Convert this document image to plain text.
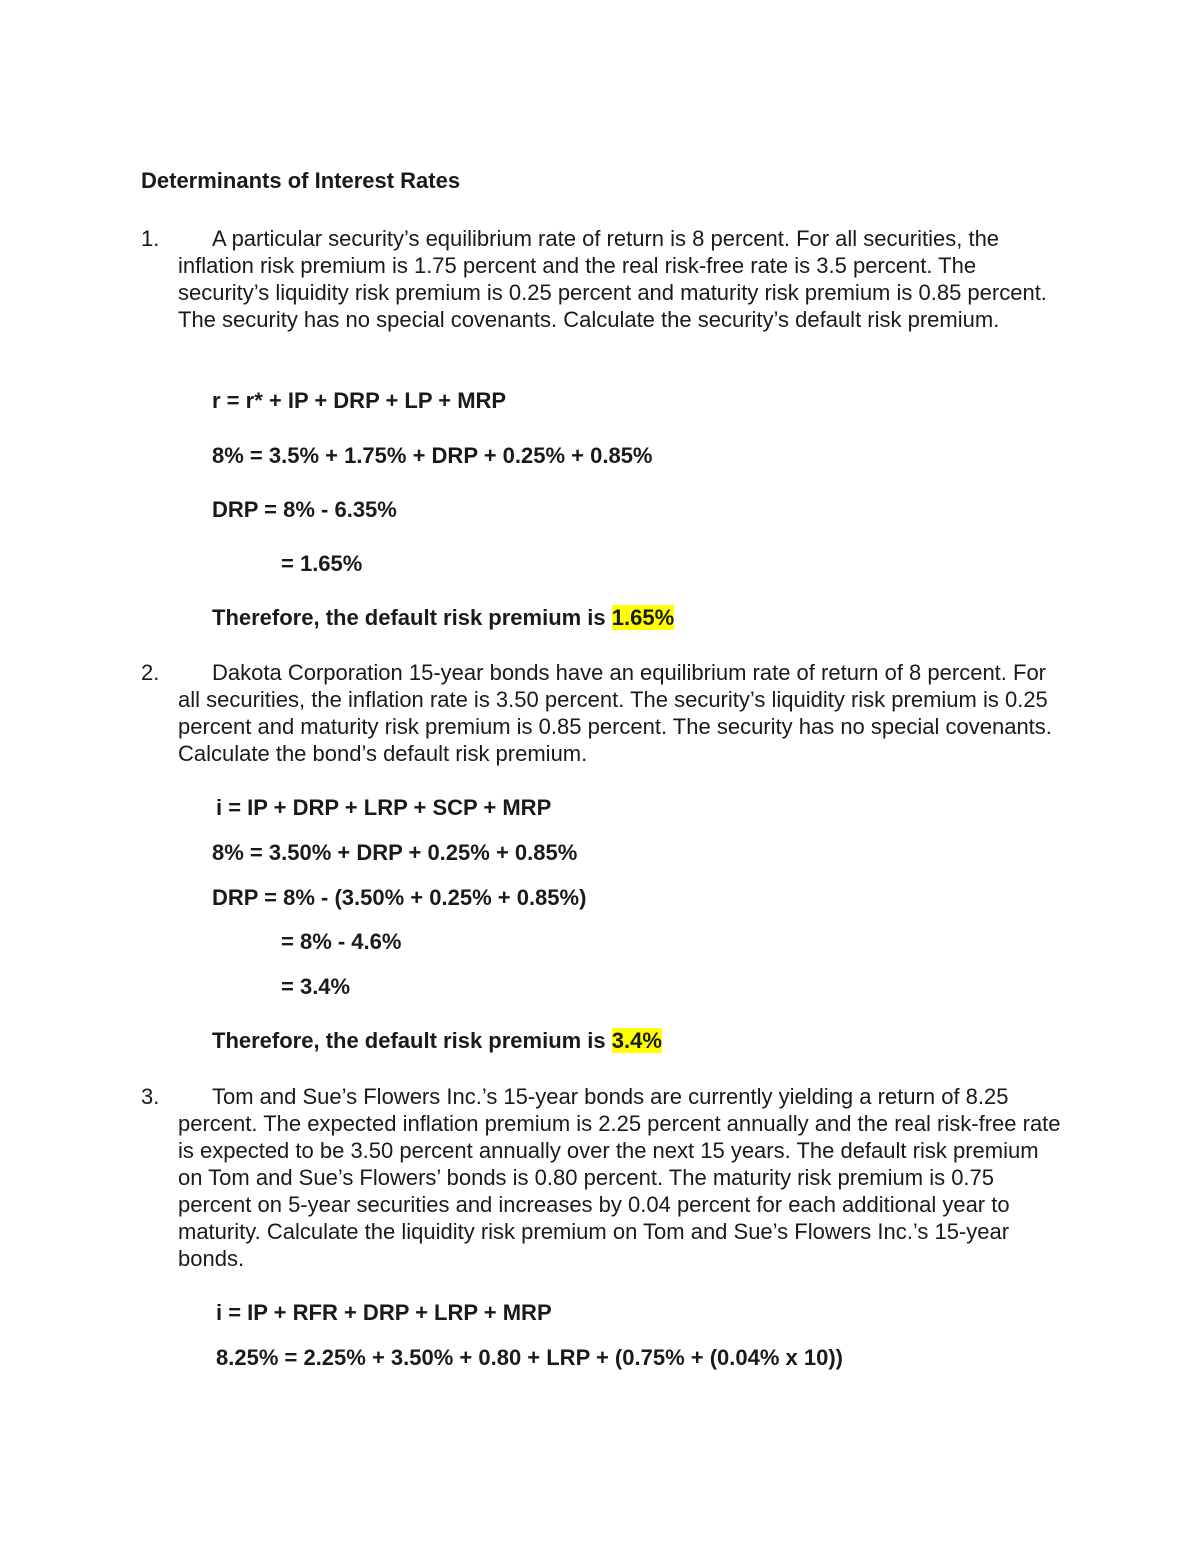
Determinants of Interest Rates
1.	A particular security’s equilibrium rate of return is 8 percent. For all securities, the inflation risk premium is 1.75 percent and the real risk-free rate is 3.5 percent. The security’s liquidity risk premium is 0.25 percent and maturity risk premium is 0.85 percent. The security has no special covenants. Calculate the security’s default risk premium.

r = r* + IP + DRP + LP + MRP

8% = 3.5% + 1.75% + DRP + 0.25% + 0.85%

DRP = 8% - 6.35%

= 1.65%

Therefore, the default risk premium is 1.65%

2.	Dakota Corporation 15-year bonds have an equilibrium rate of return of 8 percent. For all securities, the inflation rate is 3.50 percent. The security’s liquidity risk premium is 0.25 percent and maturity risk premium is 0.85 percent. The security has no special covenants. Calculate the bond’s default risk premium.

i = IP + DRP + LRP + SCP + MRP

8% = 3.50% + DRP + 0.25% + 0.85%

DRP = 8% - (3.50% + 0.25% + 0.85%)

= 8% - 4.6%

= 3.4%

Therefore, the default risk premium is 3.4%

3.	Tom and Sue’s Flowers Inc.’s 15-year bonds are currently yielding a return of 8.25 percent. The expected inflation premium is 2.25 percent annually and the real risk-free rate is expected to be 3.50 percent annually over the next 15 years. The default risk premium on Tom and Sue’s Flowers’ bonds is 0.80 percent. The maturity risk premium is 0.75 percent on 5-year securities and increases by 0.04 percent for each additional year to maturity. Calculate the liquidity risk premium on Tom and Sue’s Flowers Inc.’s 15-year bonds.

i = IP + RFR + DRP + LRP + MRP

8.25% = 2.25% + 3.50% + 0.80 + LRP + (0.75% + (0.04% x 10))
